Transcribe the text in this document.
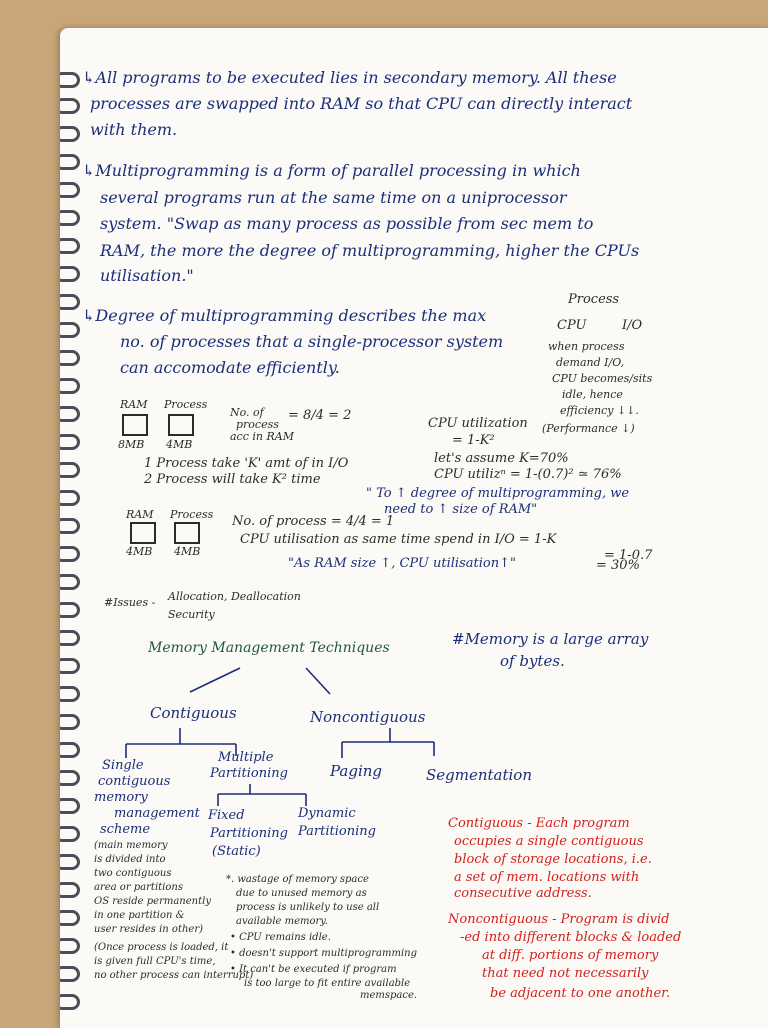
↳All programs to be executed lies in secondary memory. All these
processes are swapped into RAM so that CPU can directly interact
with them.
↳Multiprogramming is a form of parallel processing in which
several programs run at the same time on a uniprocessor
system. "Swap as many process as possible from sec mem to
RAM, the more the degree of multiprogramming, higher the CPUs
utilisation."
↳Degree of multiprogramming describes the max
no. of processes that a single-processor system
can accomodate efficiently.
Process
CPU	I/O
when process
demand I/O,
CPU becomes/sits
idle, hence
efficiency ↓↓.
(Performance ↓)
RAM Process
8MB 4MB
No. of
process
acc in RAM
= 8/4 = 2
CPU utilization
= 1-K²
let's assume K=70%
CPU utilizⁿ = 1-(0.7)² ≃ 76%
1 Process take 'K' amt of in I/O
2 Process will take K² time
" To ↑ degree of multiprogramming, we
need to ↑ size of RAM"
RAM Process
4MB 4MB
No. of process = 4/4 = 1
CPU utilisation as same time spend in I/O = 1-K
= 1-0.7
"As RAM size ↑, CPU utilisation↑"	= 30%
#Issues - Allocation, Deallocation
Security
#Memory is a large array
of bytes.
Memory Management Techniques
Contiguous	Noncontiguous
Single
contiguous
memory
management
scheme
Multiple
Partitioning	Paging	Segmentation
Fixed
Partitioning
(Static)
Dynamic
Partitioning
(main memory
is divided into
two contiguous
area or partitions
OS reside permanently
in one partition &
user resides in other)
(Once process is loaded, it
is given full CPU's time,
no other process can interrupt)
*. wastage of memory space
due to unused memory as
process is unlikely to use all
available memory.
• CPU remains idle.
• doesn't support multiprogramming
• It can't be executed if program
is too large to fit entire available
memspace.
Contiguous - Each program
occupies a single contiguous
block of storage locations, i.e.
a set of mem. locations with
consecutive address.
Noncontiguous - Program is divid
-ed into different blocks & loaded
at diff. portions of memory
that need not necessarily
be adjacent to one another.
